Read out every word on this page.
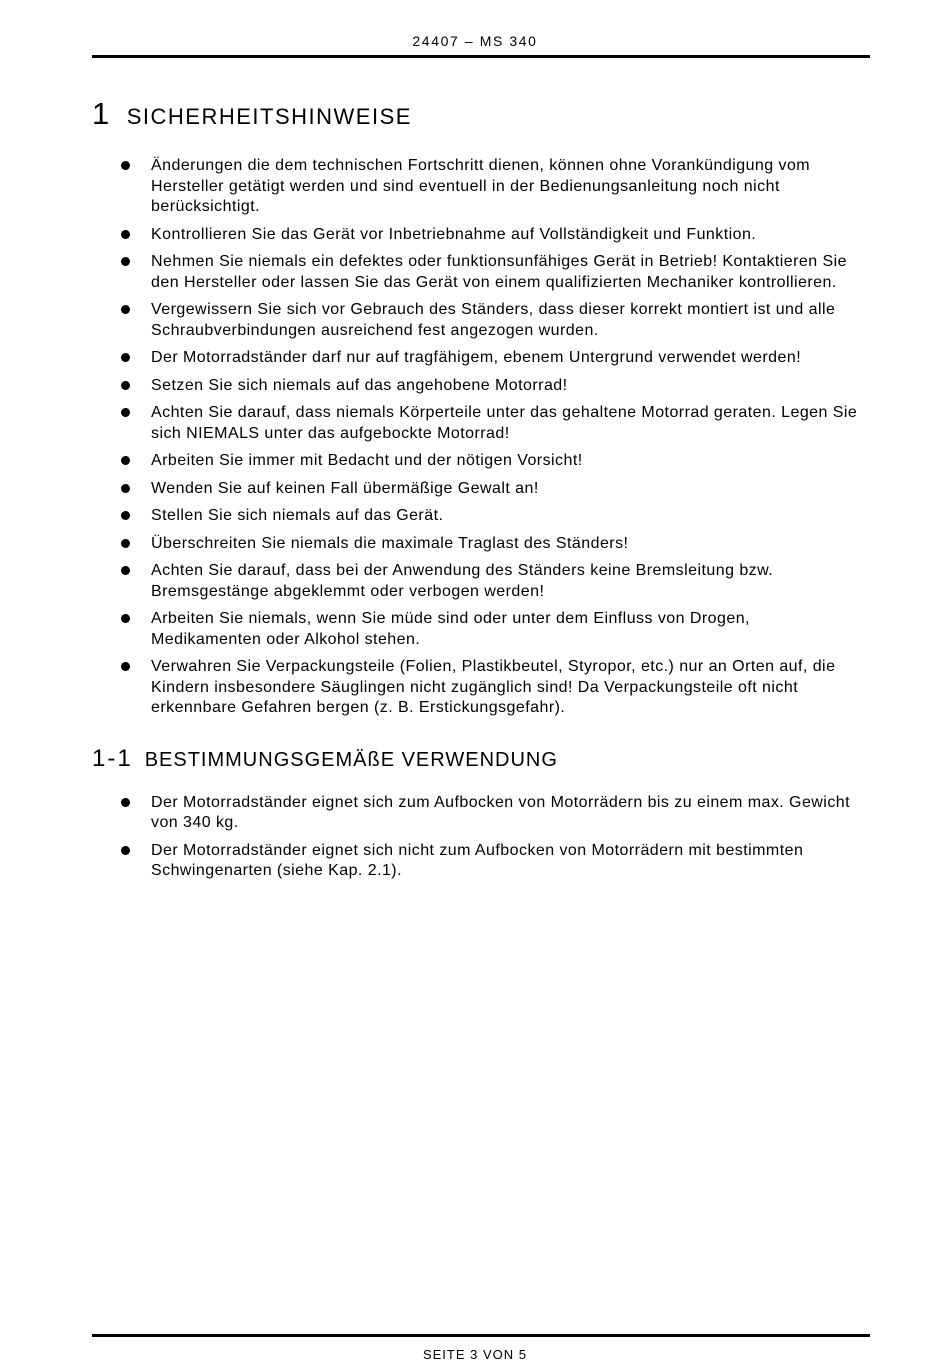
24407 – MS 340
1 SICHERHEITSHINWEISE
Änderungen die dem technischen Fortschritt dienen, können ohne Vorankündigung vom Hersteller getätigt werden und sind eventuell in der Bedienungsanleitung noch nicht berücksichtigt.
Kontrollieren Sie das Gerät vor Inbetriebnahme auf Vollständigkeit und Funktion.
Nehmen Sie niemals ein defektes oder funktionsunfähiges Gerät in Betrieb! Kontaktieren Sie den Hersteller oder lassen Sie das Gerät von einem qualifizierten Mechaniker kontrollieren.
Vergewissern Sie sich vor Gebrauch des Ständers, dass dieser korrekt montiert ist und alle Schraubverbindungen ausreichend fest angezogen wurden.
Der Motorradständer darf nur auf tragfähigem, ebenem Untergrund verwendet werden!
Setzen Sie sich niemals auf das angehobene Motorrad!
Achten Sie darauf, dass niemals Körperteile unter das gehaltene Motorrad geraten. Legen Sie sich NIEMALS unter das aufgebockte Motorrad!
Arbeiten Sie immer mit Bedacht und der nötigen Vorsicht!
Wenden Sie auf keinen Fall übermäßige Gewalt an!
Stellen Sie sich niemals auf das Gerät.
Überschreiten Sie niemals die maximale Traglast des Ständers!
Achten Sie darauf, dass bei der Anwendung des Ständers keine Bremsleitung bzw. Bremsgestänge abgeklemmt oder verbogen werden!
Arbeiten Sie niemals, wenn Sie müde sind oder unter dem Einfluss von Drogen, Medikamenten oder Alkohol stehen.
Verwahren Sie Verpackungsteile (Folien, Plastikbeutel, Styropor, etc.) nur an Orten auf, die Kindern insbesondere Säuglingen nicht zugänglich sind! Da Verpackungsteile oft nicht erkennbare Gefahren bergen (z. B. Erstickungsgefahr).
1-1 BESTIMMUNGSGEMÄßE VERWENDUNG
Der Motorradständer eignet sich zum Aufbocken von Motorrädern bis zu einem max. Gewicht von 340 kg.
Der Motorradständer eignet sich nicht zum Aufbocken von Motorrädern mit bestimmten Schwingenarten (siehe Kap. 2.1).
SEITE 3 VON 5
